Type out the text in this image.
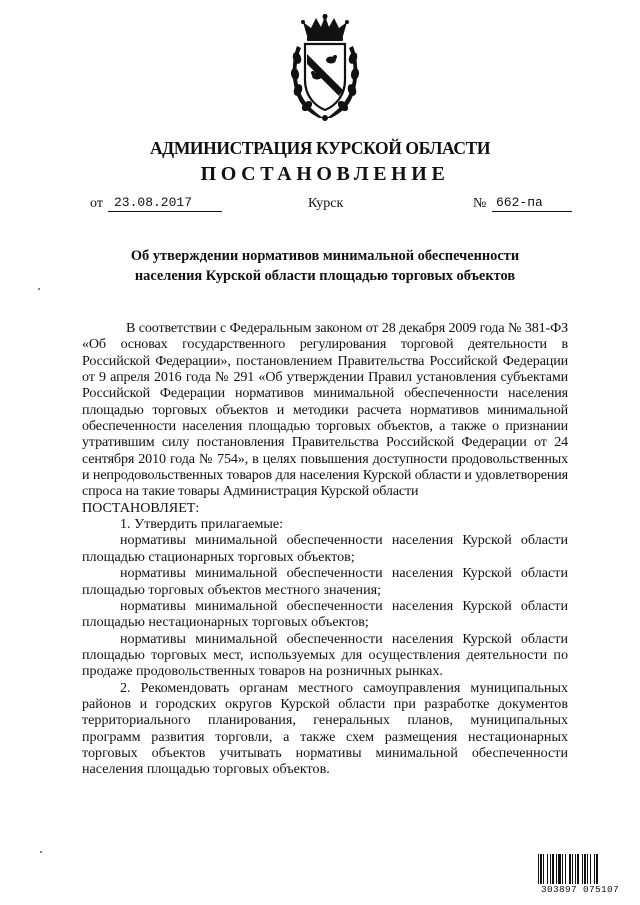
АДМИНИСТРАЦИЯ КУРСКОЙ ОБЛАСТИ
ПОСТАНОВЛЕНИЕ
от 23.08.2017	Курск	№ 662-па
Об утверждении нормативов минимальной обеспеченности
населения Курской области площадью торговых объектов

В соответствии с Федеральным законом от 28 декабря 2009 года № 381-ФЗ «Об основах государственного регулирования торговой деятельности в Российской Федерации», постановлением Правительства Российской Федерации от 9 апреля 2016 года № 291 «Об утверждении Правил установления субъектами Российской Федерации нормативов минимальной обеспеченности населения площадью торговых объектов и методики расчета нормативов минимальной обеспеченности населения площадью торговых объектов, а также о признании утратившим силу постановления Правительства Российской Федерации от 24 сентября 2010 года № 754», в целях повышения доступности продовольственных и непродовольственных товаров для населения Курской области и удовлетворения спроса на такие товары Администрация Курской области

ПОСТАНОВЛЯЕТ:

1. Утвердить прилагаемые:

нормативы минимальной обеспеченности населения Курской области площадью стационарных торговых объектов;

нормативы минимальной обеспеченности населения Курской области площадью торговых объектов местного значения;

нормативы минимальной обеспеченности населения Курской области площадью нестационарных торговых объектов;

нормативы минимальной обеспеченности населения Курской области площадью торговых мест, используемых для осуществления деятельности по продаже продовольственных товаров на розничных рынках.

2. Рекомендовать органам местного самоуправления муниципальных районов и городских округов Курской области при разработке документов территориального планирования, генеральных планов, муниципальных программ развития торговли, а также схем размещения нестационарных торговых объектов учитывать нормативы минимальной обеспеченности населения площадью торговых объектов.

303897 075107
